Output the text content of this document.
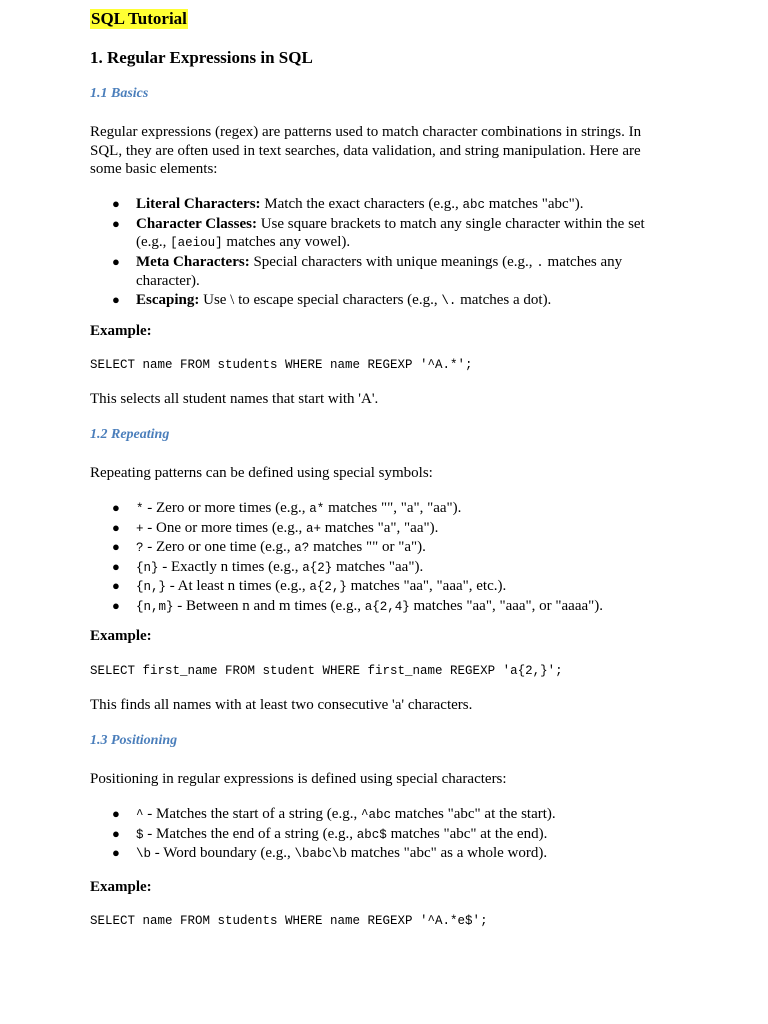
SQL Tutorial
1. Regular Expressions in SQL
1.1 Basics
Regular expressions (regex) are patterns used to match character combinations in strings. In SQL, they are often used in text searches, data validation, and string manipulation. Here are some basic elements:
● Literal Characters: Match the exact characters (e.g., abc matches "abc").
● Character Classes: Use square brackets to match any single character within the set (e.g., [aeiou] matches any vowel).
● Meta Characters: Special characters with unique meanings (e.g., . matches any character).
● Escaping: Use \ to escape special characters (e.g., \. matches a dot).
Example:
SELECT name FROM students WHERE name REGEXP '^A.*';
This selects all student names that start with 'A'.
1.2 Repeating
Repeating patterns can be defined using special symbols:
● * - Zero or more times (e.g., a* matches "", "a", "aa").
● + - One or more times (e.g., a+ matches "a", "aa").
● ? - Zero or one time (e.g., a? matches "" or "a").
● {n} - Exactly n times (e.g., a{2} matches "aa").
● {n,} - At least n times (e.g., a{2,} matches "aa", "aaa", etc.).
● {n,m} - Between n and m times (e.g., a{2,4} matches "aa", "aaa", or "aaaa").
Example:
SELECT first_name FROM student WHERE first_name REGEXP 'a{2,}';
This finds all names with at least two consecutive 'a' characters.
1.3 Positioning
Positioning in regular expressions is defined using special characters:
● ^ - Matches the start of a string (e.g., ^abc matches "abc" at the start).
● $ - Matches the end of a string (e.g., abc$ matches "abc" at the end).
● \b - Word boundary (e.g., \babc\b matches "abc" as a whole word).
Example:
SELECT name FROM students WHERE name REGEXP '^A.*e$';
